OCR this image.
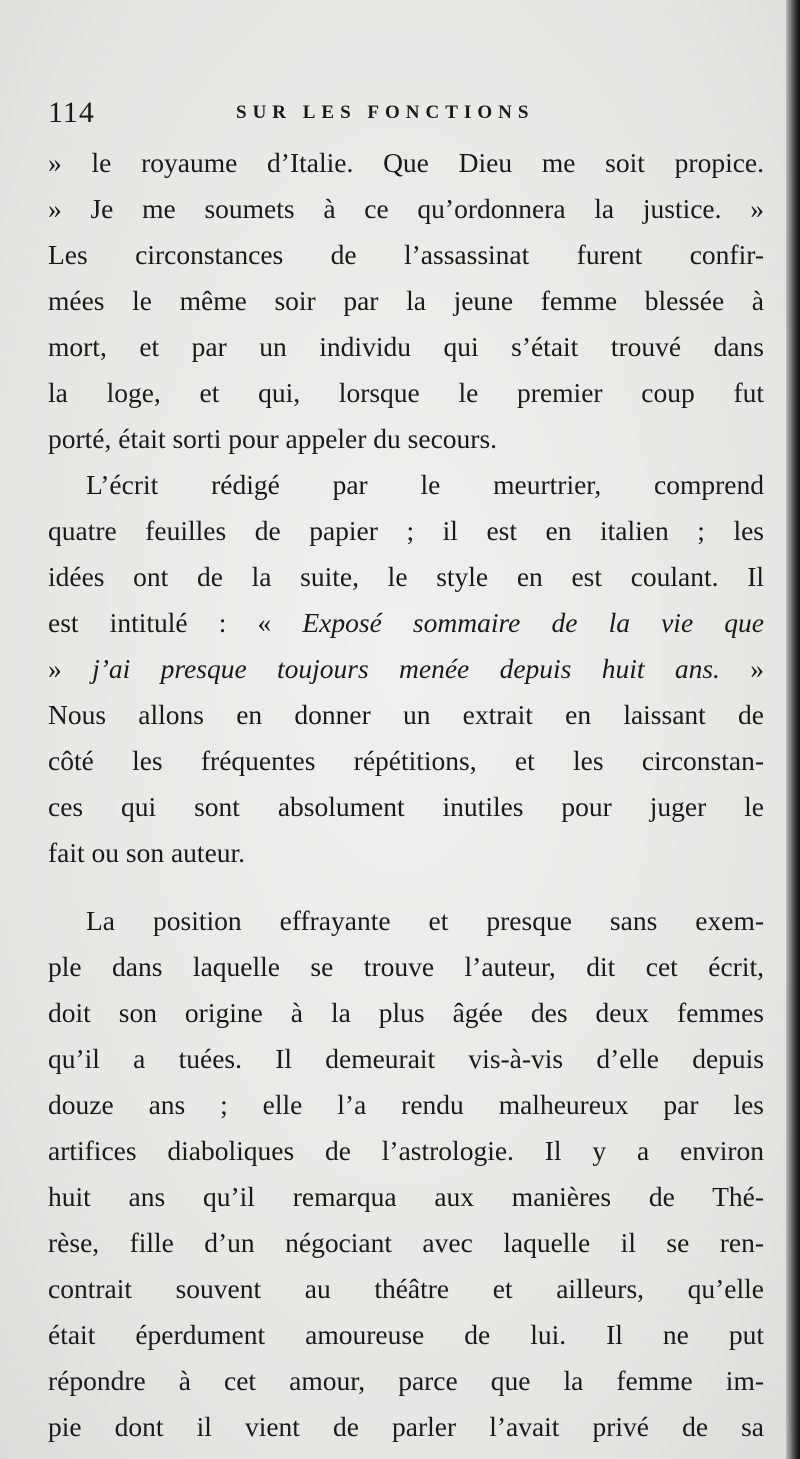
114	SUR LES FONCTIONS
» le royaume d’Italie. Que Dieu me soit propice.
» Je me soumets à ce qu’ordonnera la justice. »
Les circonstances de l’assassinat furent confir-
mées le même soir par la jeune femme blessée à
mort, et par un individu qui s’était trouvé dans
la loge, et qui, lorsque le premier coup fut
porté, était sorti pour appeler du secours.
L’écrit rédigé par le meurtrier, comprend
quatre feuilles de papier ; il est en italien ; les
idées ont de la suite, le style en est coulant. Il
est intitulé : « Exposé sommaire de la vie que
» j’ai presque toujours menée depuis huit ans. »
Nous allons en donner un extrait en laissant de
côté les fréquentes répétitions, et les circonstan-
ces qui sont absolument inutiles pour juger le
fait ou son auteur.
La position effrayante et presque sans exem-
ple dans laquelle se trouve l’auteur, dit cet écrit,
doit son origine à la plus âgée des deux femmes
qu’il a tuées. Il demeurait vis-à-vis d’elle depuis
douze ans ; elle l’a rendu malheureux par les
artifices diaboliques de l’astrologie. Il y a environ
huit ans qu’il remarqua aux manières de Thé-
rèse, fille d’un négociant avec laquelle il se ren-
contrait souvent au théâtre et ailleurs, qu’elle
était éperdument amoureuse de lui. Il ne put
répondre à cet amour, parce que la femme im-
pie dont il vient de parler l’avait privé de sa
